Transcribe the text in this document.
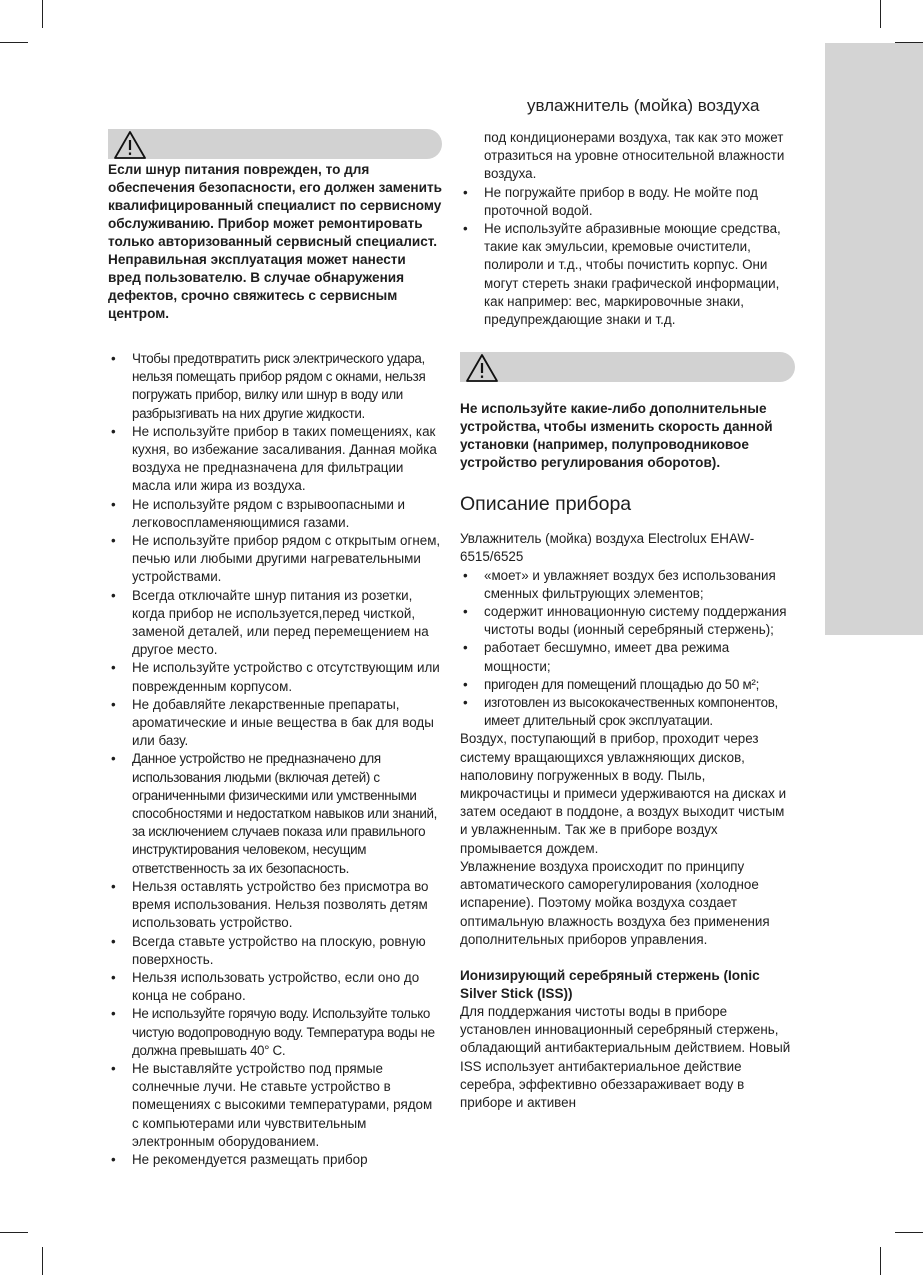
увлажнитель (мойка) воздуха

Если шнур питания поврежден, то для обеспечения безопасности, его должен заменить квалифицированный специалист по сервисному обслуживанию. Прибор может ремонтировать только авторизованный сервисный специалист. Неправильная эксплуатация может нанести вред пользователю. В случае обнаружения дефектов, срочно свяжитесь с сервисным центром.

• Чтобы предотвратить риск электрического удара, нельзя помещать прибор рядом с окнами, нельзя погружать прибор, вилку или шнур в воду или разбрызгивать на них другие жидкости.
• Не используйте прибор в таких помещениях, как кухня, во избежание засаливания. Данная мойка воздуха не предназначена для фильтрации масла или жира из воздуха.
• Не используйте рядом с взрывоопасными и легковоспламеняющимися газами.
• Не используйте прибор рядом с открытым огнем, печью или любыми другими нагревательными устройствами.
• Всегда отключайте шнур питания из розетки, когда прибор не используется,перед чисткой, заменой деталей, или перед перемещением на другое место.
• Не используйте устройство с отсутствующим или поврежденным корпусом.
• Не добавляйте лекарственные препараты, ароматические и иные вещества в бак для воды или базу.
• Данное устройство не предназначено для использования людьми (включая детей) с ограниченными физическими или умственными способностями и недостатком навыков или знаний, за исключением случаев показа или правильного инструктирования человеком, несущим ответственность за их безопасность.
• Нельзя оставлять устройство без присмотра во время использования. Нельзя позволять детям использовать устройство.
• Всегда ставьте устройство на плоскую, ровную поверхность.
• Нельзя использовать устройство, если оно до конца не собрано.
• Не используйте горячую воду. Используйте только чистую водопроводную воду. Температура воды не должна превышать 40° С.
• Не выставляйте устройство под прямые солнечные лучи. Не ставьте устройство в помещениях с высокими температурами, рядом с компьютерами или чувствительным электронным оборудованием.
• Не рекомендуется размещать прибор
под кондиционерами воздуха, так как это может отразиться на уровне относительной влажности воздуха.
• Не погружайте прибор в воду. Не мойте под проточной водой.
• Не используйте абразивные моющие средства, такие как эмульсии, кремовые очистители, полироли и т.д., чтобы почистить корпус. Они могут стереть знаки графической информации, как например: вес, маркировочные знаки, предупреждающие знаки и т.д.

Не используйте какие-либо дополнительные устройства, чтобы изменить скорость данной установки (например, полупроводниковое устройство регулирования оборотов).

Описание прибора

Увлажнитель (мойка) воздуха Electrolux EHAW-6515/6525

• «моет» и увлажняет воздух без использования сменных фильтрующих элементов;
• содержит инновационную систему поддержания чистоты воды (ионный серебряный стержень);
• работает бесшумно, имеет два режима мощности;
• пригоден для помещений площадью до 50 м²;
• изготовлен из высококачественных компонентов, имеет длительный срок эксплуатации.

Воздух, поступающий в прибор, проходит через систему вращающихся увлажняющих дисков, наполовину погруженных в воду. Пыль, микрочастицы и примеси удерживаются на дисках и затем оседают в поддоне, а воздух выходит чистым и увлажненным. Так же в приборе воздух промывается дождем.

Увлажнение воздуха происходит по принципу автоматического саморегулирования (холодное испарение). Поэтому мойка воздуха создает оптимальную влажность воздуха без применения дополнительных приборов управления.

Ионизирующий серебряный стержень (Ionic Silver Stick (ISS))

Для поддержания чистоты воды в приборе установлен инновационный серебряный стержень, обладающий антибактериальным действием. Новый ISS использует антибактериальное действие серебра, эффективно обеззараживает воду в приборе и активен
